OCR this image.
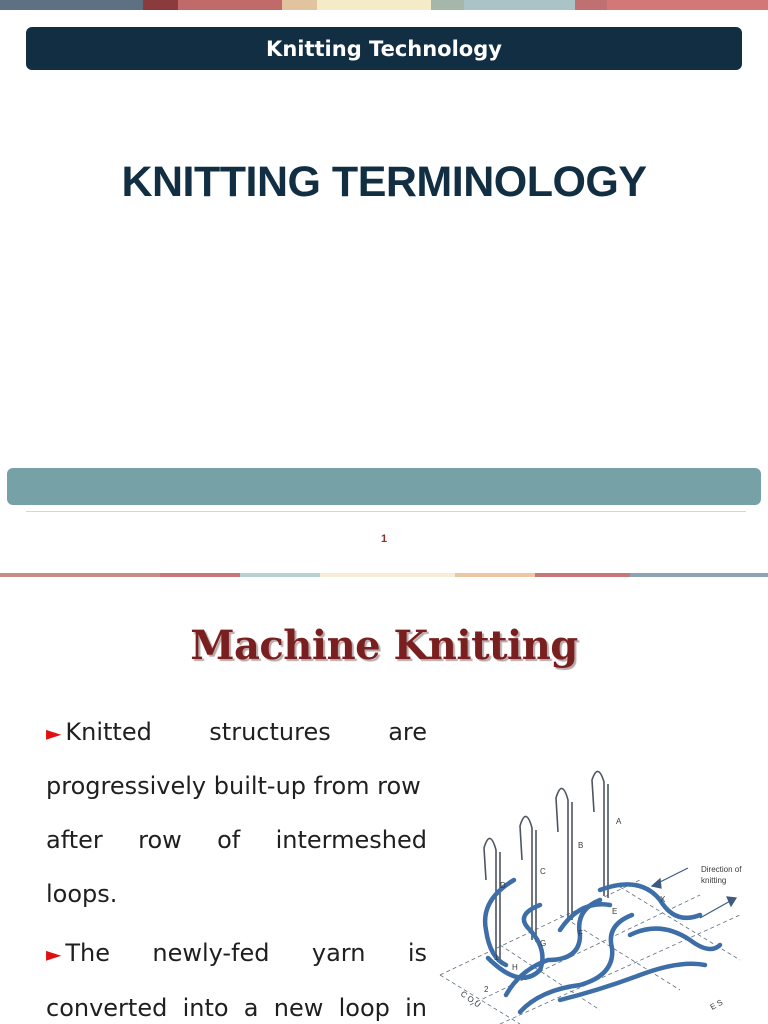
Knitting Technology
KNITTING TERMINOLOGY
1
Machine Knitting
► Knitted structures are
progressively built-up from row
after row of intermeshed
loops.
► The newly-fed yarn is
converted into a new loop in
D
C
B
A
G
F
E
H
X
1
2
C O U	E S
Direction of
knitting
